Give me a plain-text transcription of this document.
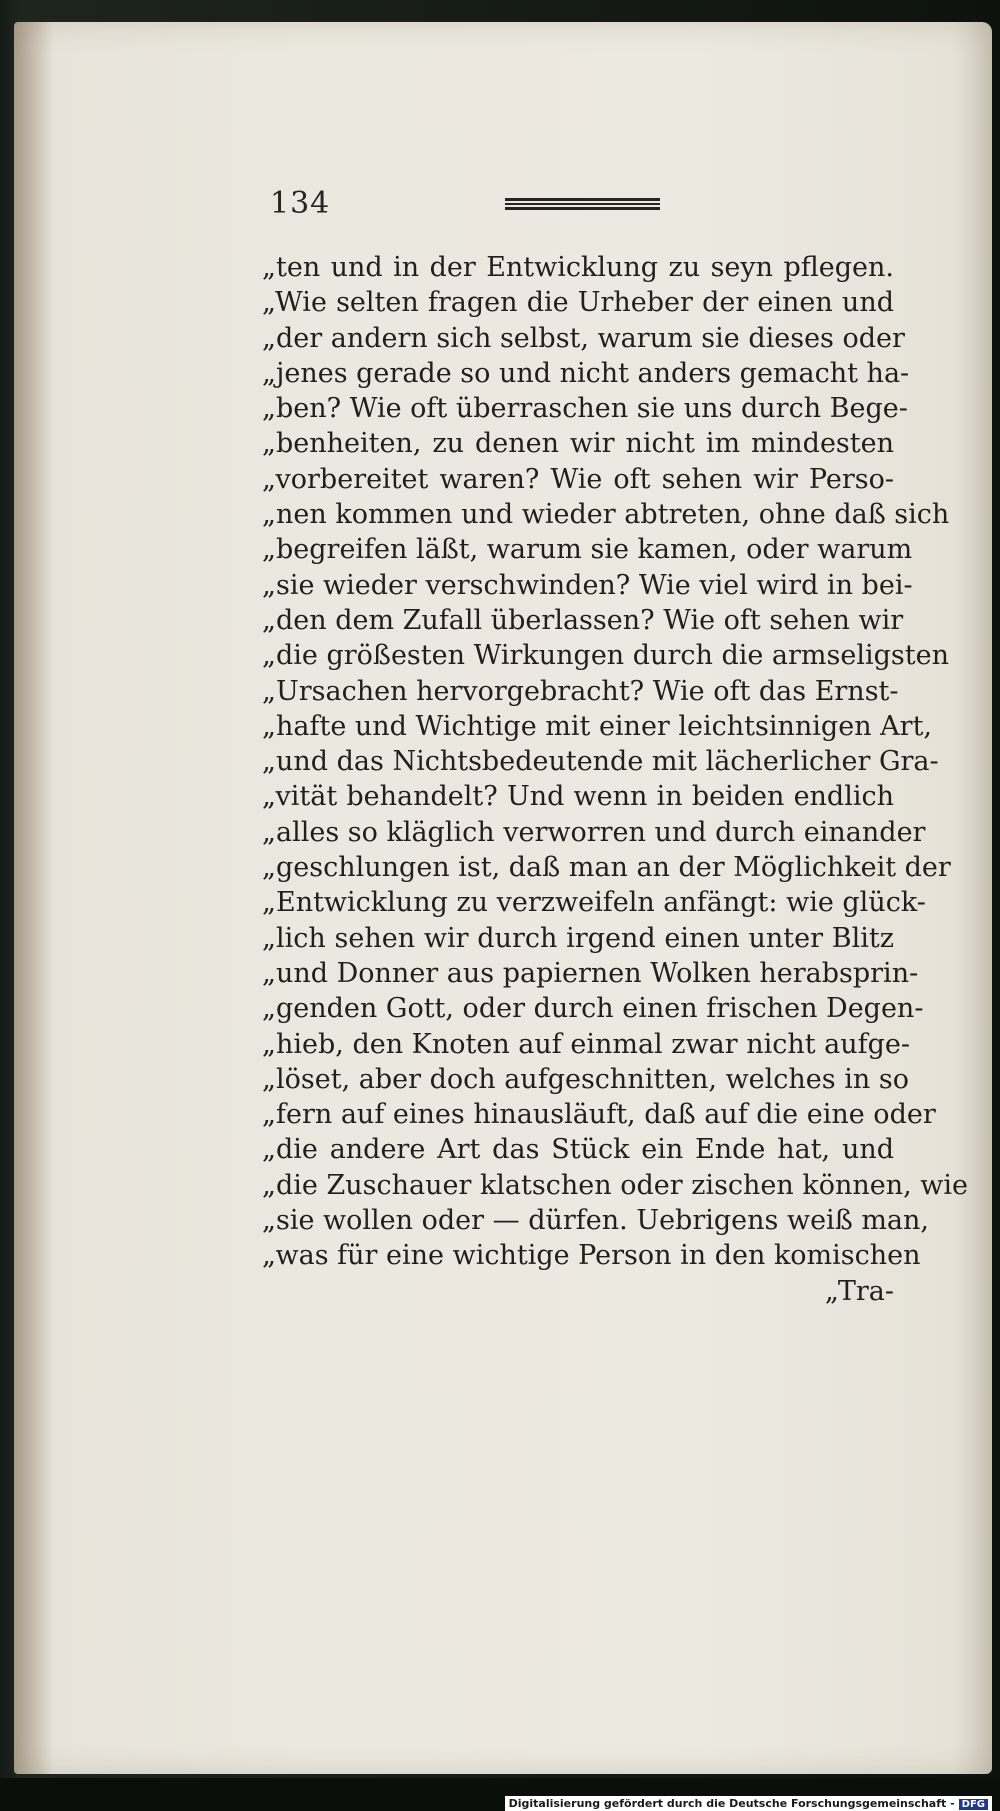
134
„ten und in der Entwicklung zu seyn pflegen.
„Wie selten fragen die Urheber der einen und
„der andern sich selbst, warum sie dieses oder
„jenes gerade so und nicht anders gemacht ha-
„ben? Wie oft überraschen sie uns durch Bege-
„benheiten, zu denen wir nicht im mindesten
„vorbereitet waren? Wie oft sehen wir Perso-
„nen kommen und wieder abtreten, ohne daß sich
„begreifen läßt, warum sie kamen, oder warum
„sie wieder verschwinden? Wie viel wird in bei-
„den dem Zufall überlassen? Wie oft sehen wir
„die größesten Wirkungen durch die armseligsten
„Ursachen hervorgebracht? Wie oft das Ernst-
„hafte und Wichtige mit einer leichtsinnigen Art,
„und das Nichtsbedeutende mit lächerlicher Gra-
„vität behandelt? Und wenn in beiden endlich
„alles so kläglich verworren und durch einander
„geschlungen ist, daß man an der Möglichkeit der
„Entwicklung zu verzweifeln anfängt: wie glück-
„lich sehen wir durch irgend einen unter Blitz
„und Donner aus papiernen Wolken herabsprin-
„genden Gott, oder durch einen frischen Degen-
„hieb, den Knoten auf einmal zwar nicht aufge-
„löset, aber doch aufgeschnitten, welches in so
„fern auf eines hinausläuft, daß auf die eine oder
„die andere Art das Stück ein Ende hat, und
„die Zuschauer klatschen oder zischen können, wie
„sie wollen oder — dürfen. Uebrigens weiß man,
„was für eine wichtige Person in den komischen
„Tra-
Digitalisierung gefördert durch die Deutsche Forschungsgemeinschaft - DFG
